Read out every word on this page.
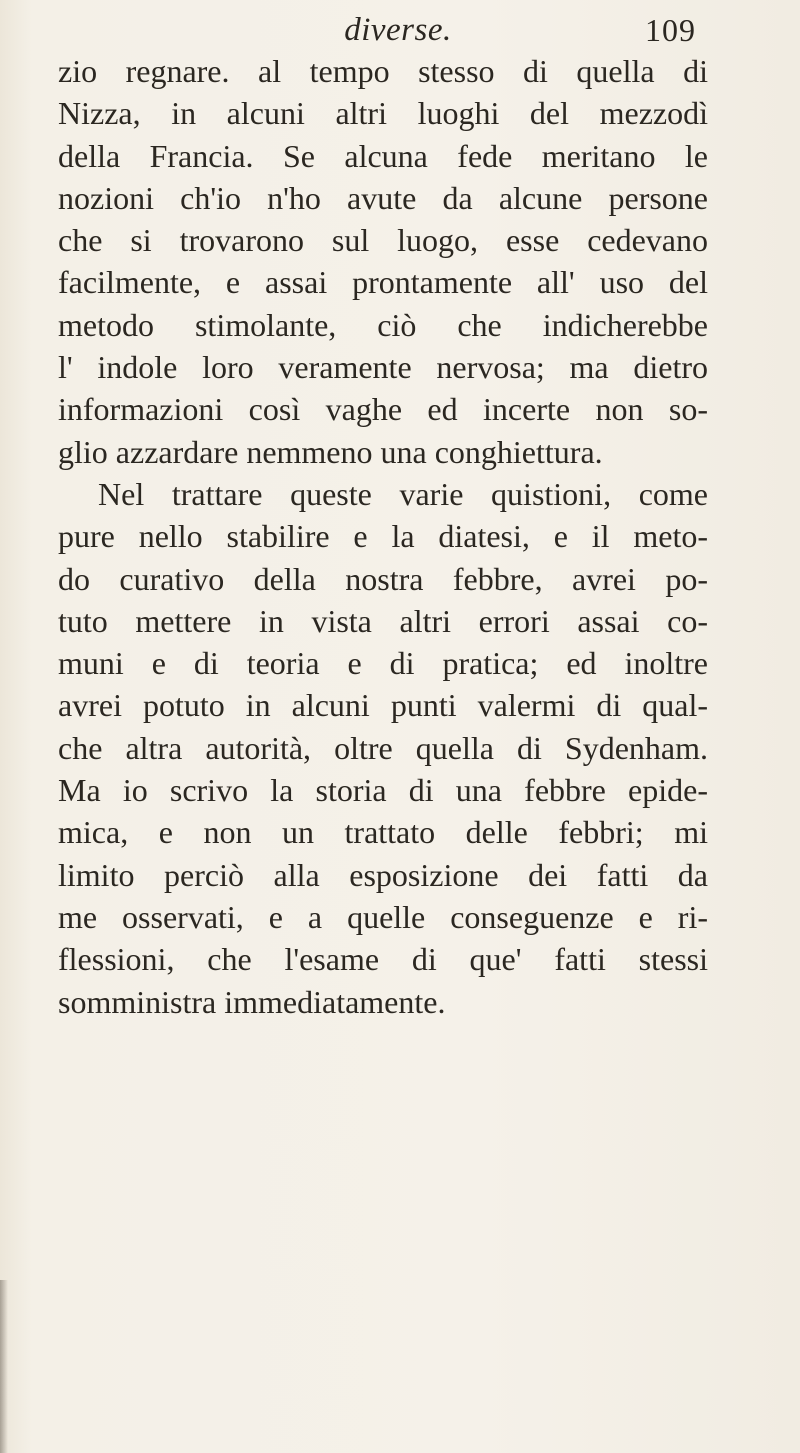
diverse.	109
zio regnare. al tempo stesso di quella di
Nizza, in alcuni altri luoghi del mezzodì
della Francia. Se alcuna fede meritano le
nozioni ch'io n'ho avute da alcune persone
che si trovarono sul luogo, esse cedevano
facilmente, e assai prontamente all' uso del
metodo stimolante, ciò che indicherebbe
l' indole loro veramente nervosa; ma dietro
informazioni così vaghe ed incerte non so-
glio azzardare nemmeno una conghiettura.
Nel trattare queste varie quistioni, come
pure nello stabilire e la diatesi, e il meto-
do curativo della nostra febbre, avrei po-
tuto mettere in vista altri errori assai co-
muni e di teoria e di pratica; ed inoltre
avrei potuto in alcuni punti valermi di qual-
che altra autorità, oltre quella di Sydenham.
Ma io scrivo la storia di una febbre epide-
mica, e non un trattato delle febbri; mi
limito perciò alla esposizione dei fatti da
me osservati, e a quelle conseguenze e ri-
flessioni, che l'esame di que' fatti stessi
somministra immediatamente.
